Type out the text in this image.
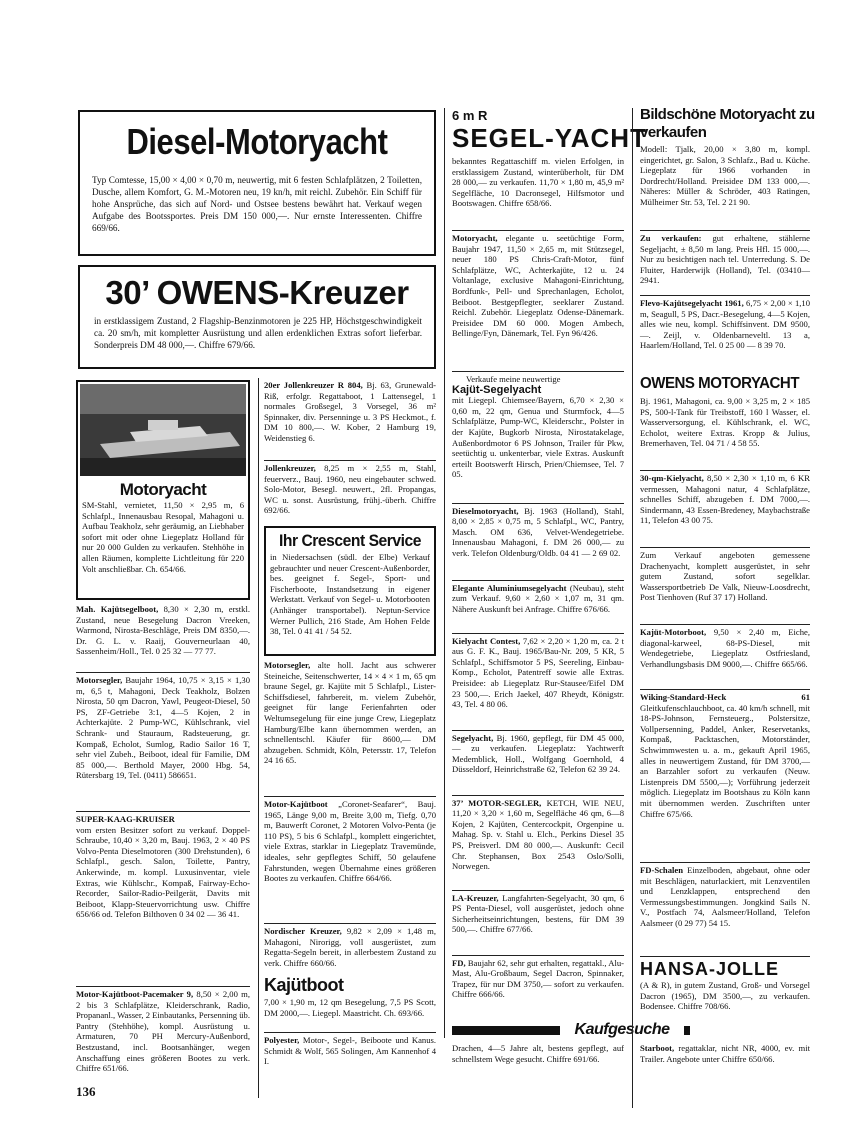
Diesel-Motoryacht
Typ Comtesse, 15,00 × 4,00 × 0,70 m, neuwertig, mit 6 festen Schlafplätzen, 2 Toiletten, Dusche, allem Komfort, G. M.-Motoren neu, 19 kn/h, mit reichl. Zubehör. Ein Schiff für hohe Ansprüche, das sich auf Nord- und Ostsee bestens bewährt hat. Verkauf wegen Aufgabe des Bootssportes. Preis DM 150 000,—. Nur ernste Interessenten. Chiffre 669/66.
30’ OWENS-Kreuzer
in erstklassigem Zustand, 2 Flagship-Benzinmotoren je 225 HP, Höchstgeschwindigkeit ca. 20 sm/h, mit kompletter Ausrüstung und allen erdenklichen Extras sofort lieferbar. Sonderpreis DM 48 000,—. Chiffre 679/66.
Motoryacht
SM-Stahl, vernietet, 11,50 × 2,95 m, 6 Schlafpl., Innenausbau Resopal, Mahagoni u. Aufbau Teakholz, sehr geräumig, an Liebhaber sofort mit oder ohne Liegeplatz Holland für nur 20 000 Gulden zu verkaufen. Stehhöhe in allen Räumen, komplette Lichtleitung für 220 Volt anschließbar. Ch. 654/66.
Mah. Kajütsegelboot, 8,30 × 2,30 m, erstkl. Zustand, neue Besegelung Dacron Vreeken, Warmond, Nirosta-Beschläge, Preis DM 8350,—. Dr. G. L. v. Raaij, Gouverneurlaan 40, Sassenheim/Holl., Tel. 0 25 32 — 77 77.
Motorsegler, Baujahr 1964, 10,75 × 3,15 × 1,30 m, 6,5 t, Mahagoni, Deck Teakholz, Bolzen Nirosta, 50 qm Dacron, Yawl, Peugeot-Diesel, 50 PS, ZF-Getriebe 3:1, 4—5 Kojen, 2 in Achterkajüte. 2 Pump-WC, Kühlschrank, viel Schrank- und Stauraum, Radsteuerung, gr. Kompaß, Echolot, Sumlog, Radio Sailor 16 T, sehr viel Zubeh., Beiboot, ideal für Familie, DM 85 000,—. Berthold Mayer, 2000 Hbg. 54, Rütersbarg 19, Tel. (0411) 586651.
SUPER-KAAG-KRUISER
vom ersten Besitzer sofort zu verkauf. Doppel-Schraube, 10,40 × 3,20 m, Bauj. 1963, 2 × 40 PS Volvo-Penta Dieselmotoren (300 Drehstunden), 6 Schlafpl., gesch. Salon, Toilette, Pantry, Ankerwinde, m. kompl. Luxusinventar, viele Extras, wie Kühlschr., Kompaß, Fairway-Echo-Recorder, Sailor-Radio-Peilgerät, Davits mit Beiboot, Klapp-Steuervorrichtung usw. Chiffre 656/66 od. Telefon Bilthoven 0 34 02 — 36 41.
Motor-Kajütboot-Pacemaker 9, 8,50 × 2,00 m, 2 bis 3 Schlafplätze, Kleiderschrank, Radio, Propananl., Wasser, 2 Einbautanks, Persenning üb. Pantry (Stehhöhe), kompl. Ausrüstung u. Armaturen, 70 PH Mercury-Außenbord, Bestzustand, incl. Bootsanhänger, wegen Anschaffung eines größeren Bootes zu verk. Chiffre 651/66.
136
20er Jollenkreuzer R 804, Bj. 63, Grunewald-Riß, erfolgr. Regattaboot, 1 Lattensegel, 1 normales Großsegel, 3 Vorsegel, 36 m² Spinnaker, div. Persenninge u. 3 PS Heckmot., f. DM 10 800,—. W. Kober, 2 Hamburg 19, Weidenstieg 6.
Jollenkreuzer, 8,25 m × 2,55 m, Stahl, feuerverz., Bauj. 1960, neu eingebauter schwed. Solo-Motor, Besegl. neuwert., 2fl. Propangas, WC u. sonst. Ausrüstung, frühj.-überh. Chiffre 692/66.
Ihr Crescent Service
in Niedersachsen (südl. der Elbe) Verkauf gebrauchter und neuer Crescent-Außenborder, bes. geeignet f. Segel-, Sport- und Fischerboote, Instandsetzung in eigener Werkstatt. Verkauf von Segel- u. Motorbooten (Anhänger transportabel). Neptun-Service Werner Pullich, 216 Stade, Am Hohen Felde 38, Tel. 0 41 41 / 54 52.
Motorsegler, alte holl. Jacht aus schwerer Steineiche, Seitenschwerter, 14 × 4 × 1 m, 65 qm braune Segel, gr. Kajüte mit 5 Schlafpl., Lister-Schiffsdiesel, fahrbereit, m. vielem Zubehör, geeignet für lange Ferienfahrten oder Weltumsegelung für eine junge Crew, Liegeplatz Hamburg/Elbe kann übernommen werden, an schnellentschl. Käufer für 8600,— DM abzugeben. Schmidt, Köln, Petersstr. 17, Telefon 24 16 65.
Motor-Kajütboot „Coronet-Seafarer“, Bauj. 1965, Länge 9,00 m, Breite 3,00 m, Tiefg. 0,70 m, Bauwerft Coronet, 2 Motoren Volvo-Penta (je 110 PS), 5 bis 6 Schlafpl., komplett eingerichtet, viele Extras, starklar in Liegeplatz Travemünde, ideales, sehr gepflegtes Schiff, 50 gelaufene Fahrstunden, wegen Übernahme eines größeren Bootes zu verkaufen. Chiffre 664/66.
Nordischer Kreuzer, 9,82 × 2,09 × 1,48 m, Mahagoni, Nirorigg, voll ausgerüstet, zum Regatta-Segeln bereit, in allerbestem Zustand zu verk. Chiffre 660/66.
Kajütboot
7,00 × 1,90 m, 12 qm Besegelung, 7,5 PS Scott, DM 2000,—. Liegepl. Maastricht. Ch. 693/66.
Polyester, Motor-, Segel-, Beiboote und Kanus. Schmidt & Wolf, 565 Solingen, Am Kannenhof 4 I.
6 m R
SEGEL-YACHT
bekanntes Regattaschiff m. vielen Erfolgen, in erstklassigem Zustand, winterüberholt, für DM 28 000,— zu verkaufen. 11,70 × 1,80 m, 45,9 m² Segelfläche, 10 Dacronsegel, Hilfsmotor und Bootswagen. Chiffre 658/66.
Motoryacht, elegante u. seetüchtige Form, Baujahr 1947, 11,50 × 2,65 m, mit Stützsegel, neuer 180 PS Chris-Craft-Motor, fünf Schlafplätze, WC, Achterkajüte, 12 u. 24 Voltanlage, exclusive Mahagoni-Einrichtung, Bordfunk-, Pell- und Sprechanlagen, Echolot, Beiboot. Bestgepflegter, seeklarer Zustand. Reichl. Zubehör. Liegeplatz Odense-Dänemark. Preisidee DM 60 000. Mogen Ambech, Bellinge/Fyn, Dänemark, Tel. Fyn 96/426.
Verkaufe meine neuwertige
Kajüt-Segelyacht
mit Liegepl. Chiemsee/Bayern, 6,70 × 2,30 × 0,60 m, 22 qm, Genua und Sturmfock, 4—5 Schlafplätze, Pump-WC, Kleiderschr., Polster in der Kajüte, Bugkorb Nirosta, Nirostatakelage, Außenbordmotor 6 PS Johnson, Trailer für Pkw, seetüchtig u. unkenterbar, viele Extras. Auskunft erteilt Bootswerft Hirsch, Prien/Chiemsee, Tel. 7 05.
Dieselmotoryacht, Bj. 1963 (Holland), Stahl, 8,00 × 2,85 × 0,75 m, 5 Schlafpl., WC, Pantry, Masch. OM 636, Velvet-Wendegetriebe. Innenausbau Mahagoni, f. DM 26 000,— zu verk. Telefon Oldenburg/Oldb. 04 41 — 2 69 02.
Elegante Aluminiumsegelyacht (Neubau), steht zum Verkauf. 9,60 × 2,60 × 1,07 m, 31 qm. Nähere Auskunft bei Anfrage. Chiffre 676/66.
Kielyacht Contest, 7,62 × 2,20 × 1,20 m, ca. 2 t aus G. F. K., Bauj. 1965/Bau-Nr. 209, 5 KR, 5 Schlafpl., Schiffsmotor 5 PS, Seereling, Einbau-Komp., Echolot, Patentreff sowie alle Extras. Preisidee: ab Liegeplatz Rur-Stausee/Eifel DM 23 500,—. Erich Jaekel, 407 Rheydt, Königstr. 43, Tel. 4 80 06.
Segelyacht, Bj. 1960, gepflegt, für DM 45 000,— zu verkaufen. Liegeplatz: Yachtwerft Medemblick, Holl., Wolfgang Goernhold, 4 Düsseldorf, Heinrichstraße 62, Telefon 62 39 24.
37’ MOTOR-SEGLER, KETCH, WIE NEU, 11,20 × 3,20 × 1,60 m, Segelfläche 46 qm, 6—8 Kojen, 2 Kajüten, Centercockpit, Orgenpine u. Mahag. Sp. v. Stahl u. Elch., Perkins Diesel 35 PS, Preisverl. DM 80 000,—. Auskunft: Cecil Chr. Stephansen, Box 2543 Oslo/Solli, Norwegen.
LA-Kreuzer, Langfahrten-Segelyacht, 30 qm, 6 PS Penta-Diesel, voll ausgerüstet, jedoch ohne Sicherheitseinrichtungen, bestens, für DM 39 500,—. Chiffre 677/66.
FD, Baujahr 62, sehr gut erhalten, regattakl., Alu-Mast, Alu-Großbaum, Segel Dacron, Spinnaker, Trapez, für nur DM 3750,— sofort zu verkaufen. Chiffre 666/66.
Kaufgesuche
Drachen, 4—5 Jahre alt, bestens gepflegt, auf schnellstem Wege gesucht. Chiffre 691/66.
Bildschöne Motoryacht zu verkaufen
Modell: Tjalk, 20,00 × 3,80 m, kompl. eingerichtet, gr. Salon, 3 Schlafz., Bad u. Küche. Liegeplatz für 1966 vorhanden in Dordrecht/Holland. Preisidee DM 133 000,—. Näheres: Müller & Schröder, 403 Ratingen, Mülheimer Str. 53, Tel. 2 21 90.
Zu verkaufen: gut erhaltene, stählerne Segeljacht, ± 8,50 m lang. Preis Hfl. 15 000,—. Nur zu besichtigen nach tel. Unterredung. S. De Fluiter, Harderwijk (Holland), Tel. (03410—2941.
Flevo-Kajütsegelyacht 1961, 6,75 × 2,00 × 1,10 m, Seagull, 5 PS, Dacr.-Besegelung, 4—5 Kojen, alles wie neu, kompl. Schiffsinvent. DM 9500,—. Zeijl, v. Oldenbarneveltl. 13 a, Haarlem/Holland, Tel. 0 25 00 — 8 39 70.
OWENS MOTORYACHT
Bj. 1961, Mahagoni, ca. 9,00 × 3,25 m, 2 × 185 PS, 500-l-Tank für Treibstoff, 160 l Wasser, el. Wasserversorgung, el. Kühlschrank, el. WC, Echolot, weitere Extras. Kropp & Julius, Bremerhaven, Tel. 04 71 / 4 58 55.
30-qm-Kielyacht, 8,50 × 2,30 × 1,10 m, 6 KR vermessen, Mahagoni natur, 4 Schlafplätze, schnelles Schiff, abzugeben f. DM 7000,—. Sindermann, 43 Essen-Bredeney, Maybachstraße 11, Telefon 43 00 75.
Zum Verkauf angeboten gemessene Drachenyacht, komplett ausgerüstet, in sehr gutem Zustand, sofort segelklar. Wassersportbetrieb De Valk, Nieuw-Loosdrecht, Post Tienhoven (Ruf 37 17) Holland.
Kajüt-Motorboot, 9,50 × 2,40 m, Eiche, diagonal-karweel, 68-PS-Diesel, mit Wendegetriebe, Liegeplatz Ostfriesland, Verhandlungsbasis DM 9000,—. Chiffre 665/66.
Wiking-Standard-Heck 61 Gleitkufenschlauchboot, ca. 40 km/h schnell, mit 18-PS-Johnson, Fernsteuerg., Polstersitze, Vollpersenning, Paddel, Anker, Reservetanks, Kompaß, Packtaschen, Motorständer, Schwimmwesten u. a. m., gekauft April 1965, alles in neuwertigem Zustand, für DM 3700,— an Barzahler sofort zu verkaufen (Neuw. Listenpreis DM 5500,—); Vorführung jederzeit möglich. Liegeplatz im Bootshaus zu Köln kann mit übernommen werden. Zuschriften unter Chiffre 675/66.
FD-Schalen Einzelboden, abgebaut, ohne oder mit Beschlägen, naturlackiert, mit Lenzventilen und Lenzklappen, entsprechend den Vermessungsbestimmungen. Jongkind Sails N. V., Postfach 74, Aalsmeer/Holland, Telefon Aalsmeer (0 29 77) 54 15.
HANSA-JOLLE
(A & R), in gutem Zustand, Groß- und Vorsegel Dacron (1965), DM 3500,—, zu verkaufen. Bodensee. Chiffre 708/66.
Starboot, regattaklar, nicht NR, 4000, ev. mit Trailer. Angebote unter Chiffre 650/66.
